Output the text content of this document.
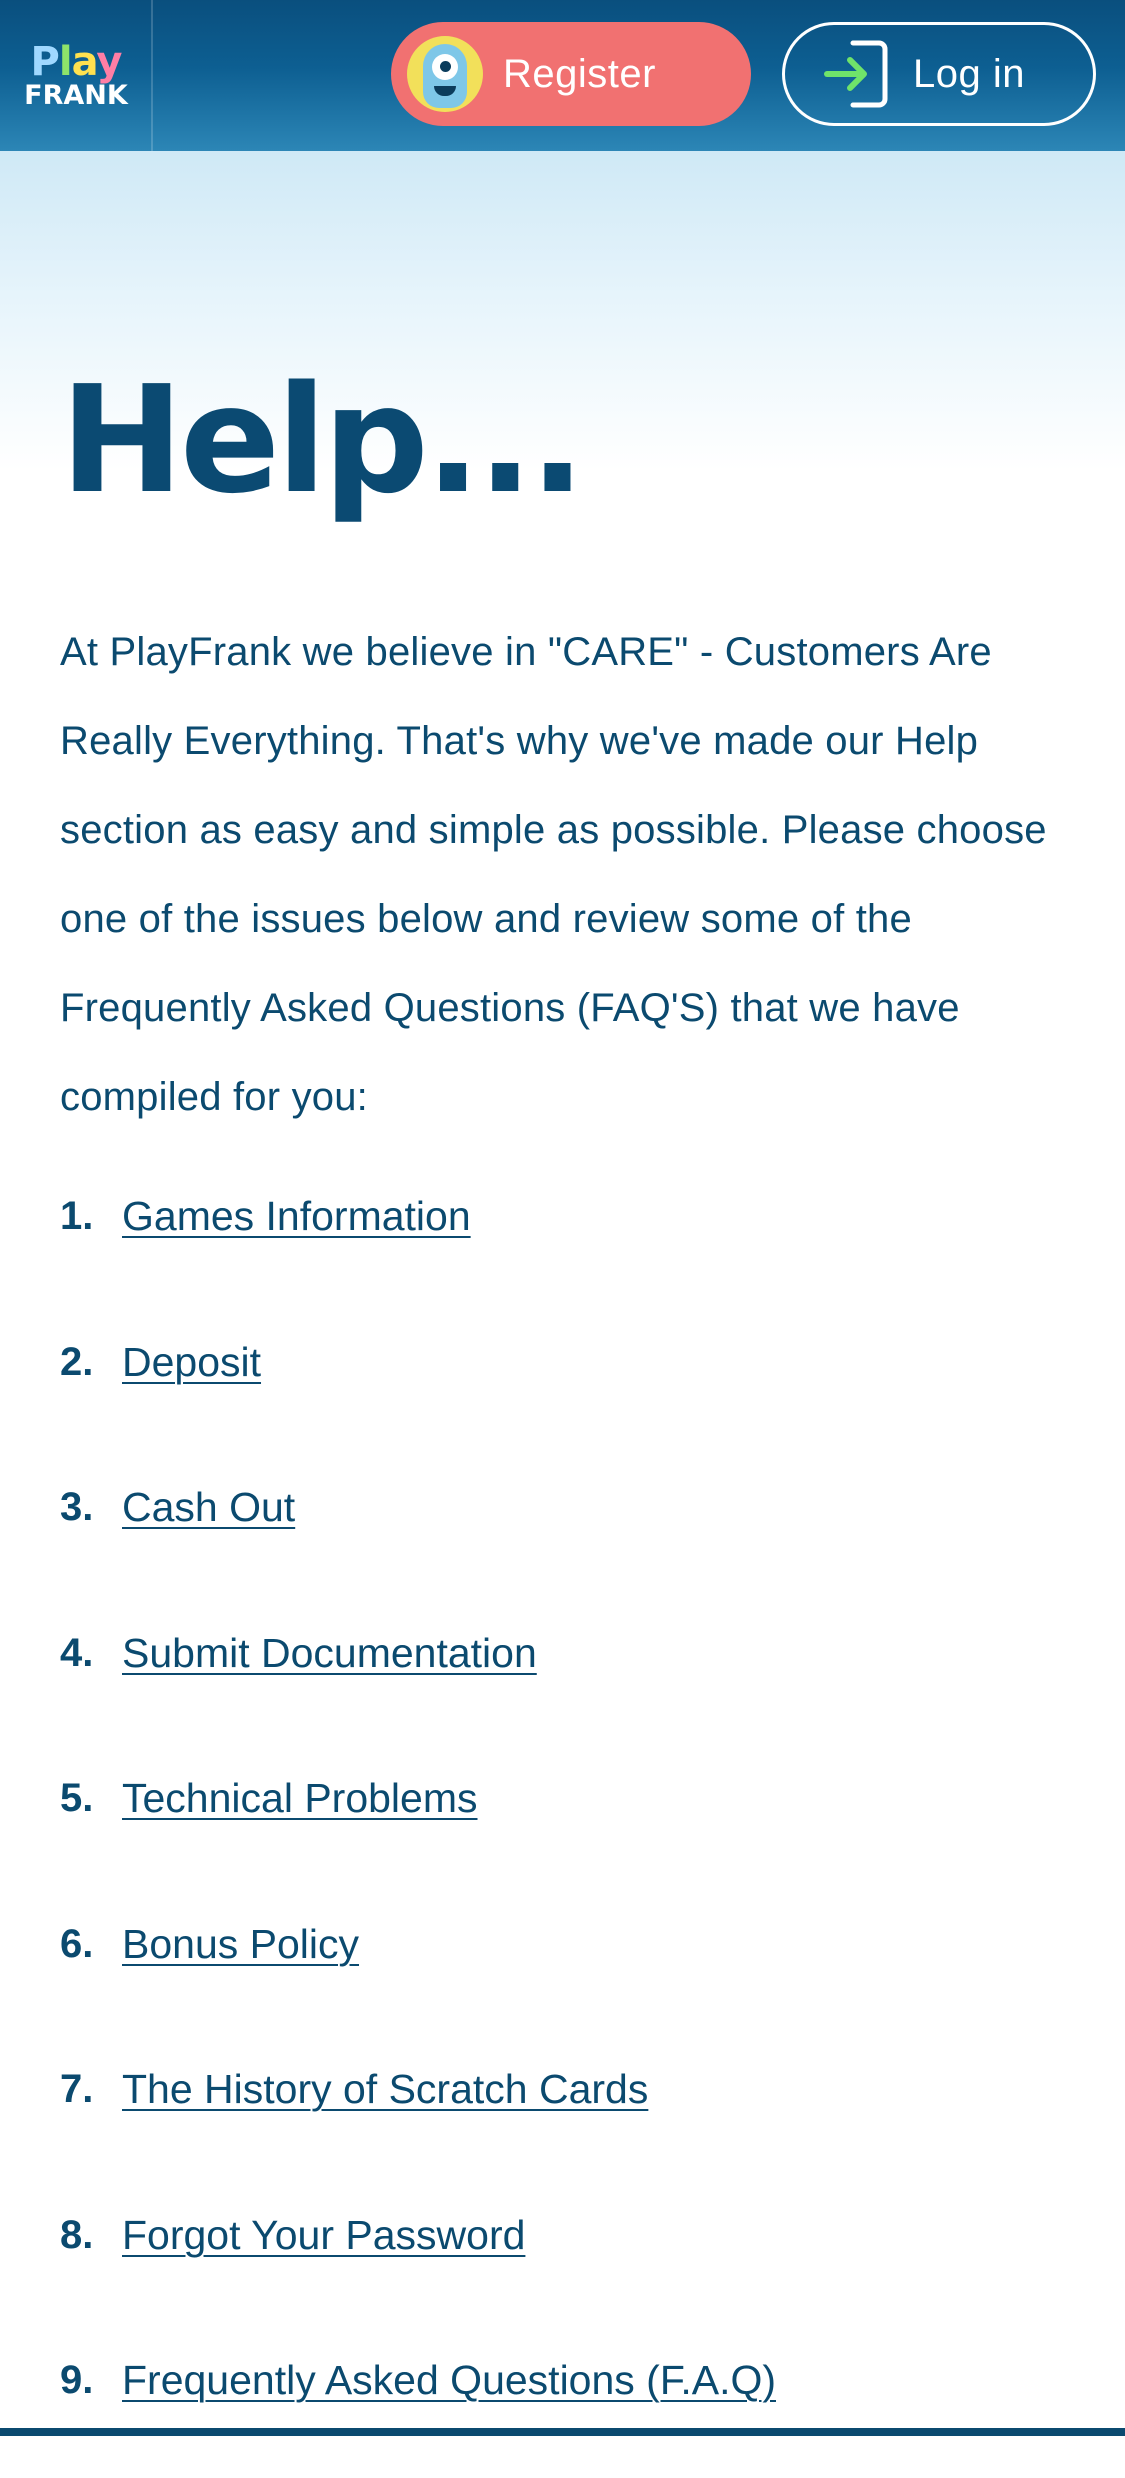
Play
FRANK	Register	Log in
Help...

At PlayFrank we believe in "CARE" - Customers Are Really Everything. That's why we've made our Help section as easy and simple as possible. Please choose one of the issues below and review some of the Frequently Asked Questions (FAQ'S) that we have compiled for you:

1. Games Information
2. Deposit
3. Cash Out
4. Submit Documentation
5. Technical Problems
6. Bonus Policy
7. The History of Scratch Cards
8. Forgot Your Password
9. Frequently Asked Questions (F.A.Q)
